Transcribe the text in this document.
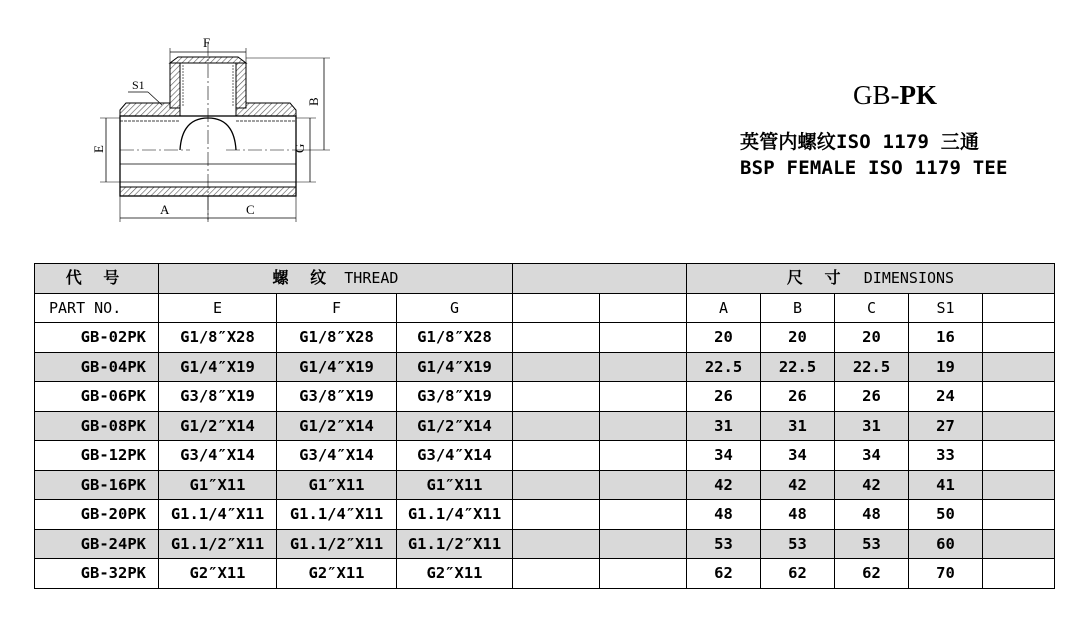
F
S1
B
G
E
A	C
GB-PK
英管内螺纹ISO 1179 三通
BSP FEMALE ISO 1179 TEE
代 号	螺 纹 THREAD					尺 寸 DIMENSIONS				
PART NO.	E	F	G			A	B	C	S1	
GB-02PK	G1/8″X28	G1/8″X28	G1/8″X28			20	20	20	16	
GB-04PK	G1/4″X19	G1/4″X19	G1/4″X19			22.5	22.5	22.5	19	
GB-06PK	G3/8″X19	G3/8″X19	G3/8″X19			26	26	26	24	
GB-08PK	G1/2″X14	G1/2″X14	G1/2″X14			31	31	31	27	
GB-12PK	G3/4″X14	G3/4″X14	G3/4″X14			34	34	34	33	
GB-16PK	G1″X11	G1″X11	G1″X11			42	42	42	41	
GB-20PK	G1.1/4″X11	G1.1/4″X11	G1.1/4″X11			48	48	48	50	
GB-24PK	G1.1/2″X11	G1.1/2″X11	G1.1/2″X11			53	53	53	60	
GB-32PK	G2″X11	G2″X11	G2″X11			62	62	62	70	
